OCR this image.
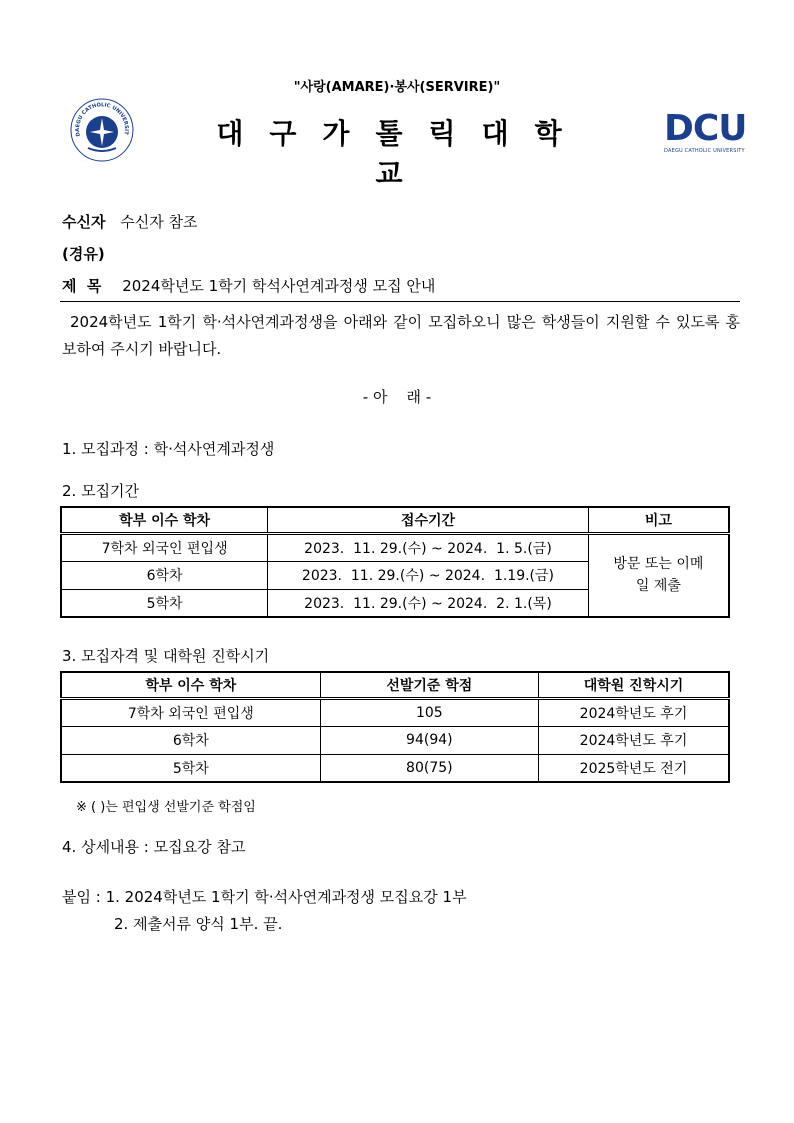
"사랑(AMARE)·봉사(SERVIRE)"
DAEGU CATHOLIC UNIVERSIT	대구가톨릭대학교
DCU
DAEGU CATHOLIC UNIVERSITY
수신자 수신자 참조
(경유)
제  목 2024학년도 1학기 학석사연계과정생 모집 안내
2024학년도 1학기 학·석사연계과정생을 아래와 같이 모집하오니 많은 학생들이 지원할 수 있도록 홍보하여 주시기 바랍니다.
- 아    래 -
1. 모집과정 : 학·석사연계과정생
2. 모집기간
학부 이수 학차	접수기간	비고
7학차 외국인 편입생	2023.  11. 29.(수) ~ 2024.  1. 5.(금)	방문 또는 이메일 제출

6학차	2023.  11. 29.(수) ~ 2024.  1.19.(금)	
5학차	2023.  11. 29.(수) ~ 2024.  2. 1.(목)	
3. 모집자격 및 대학원 진학시기
학부 이수 학차	선발기준 학점	대학원 진학시기
7학차 외국인 편입생	105	2024학년도 후기
6학차	94(94)	2024학년도 후기
5학차	80(75)	2025학년도 전기
※ ( )는 편입생 선발기준 학점임
4. 상세내용 : 모집요강 참고
붙임 : 1. 2024학년도 1학기 학·석사연계과정생 모집요강 1부
2. 제출서류 양식 1부. 끝.
